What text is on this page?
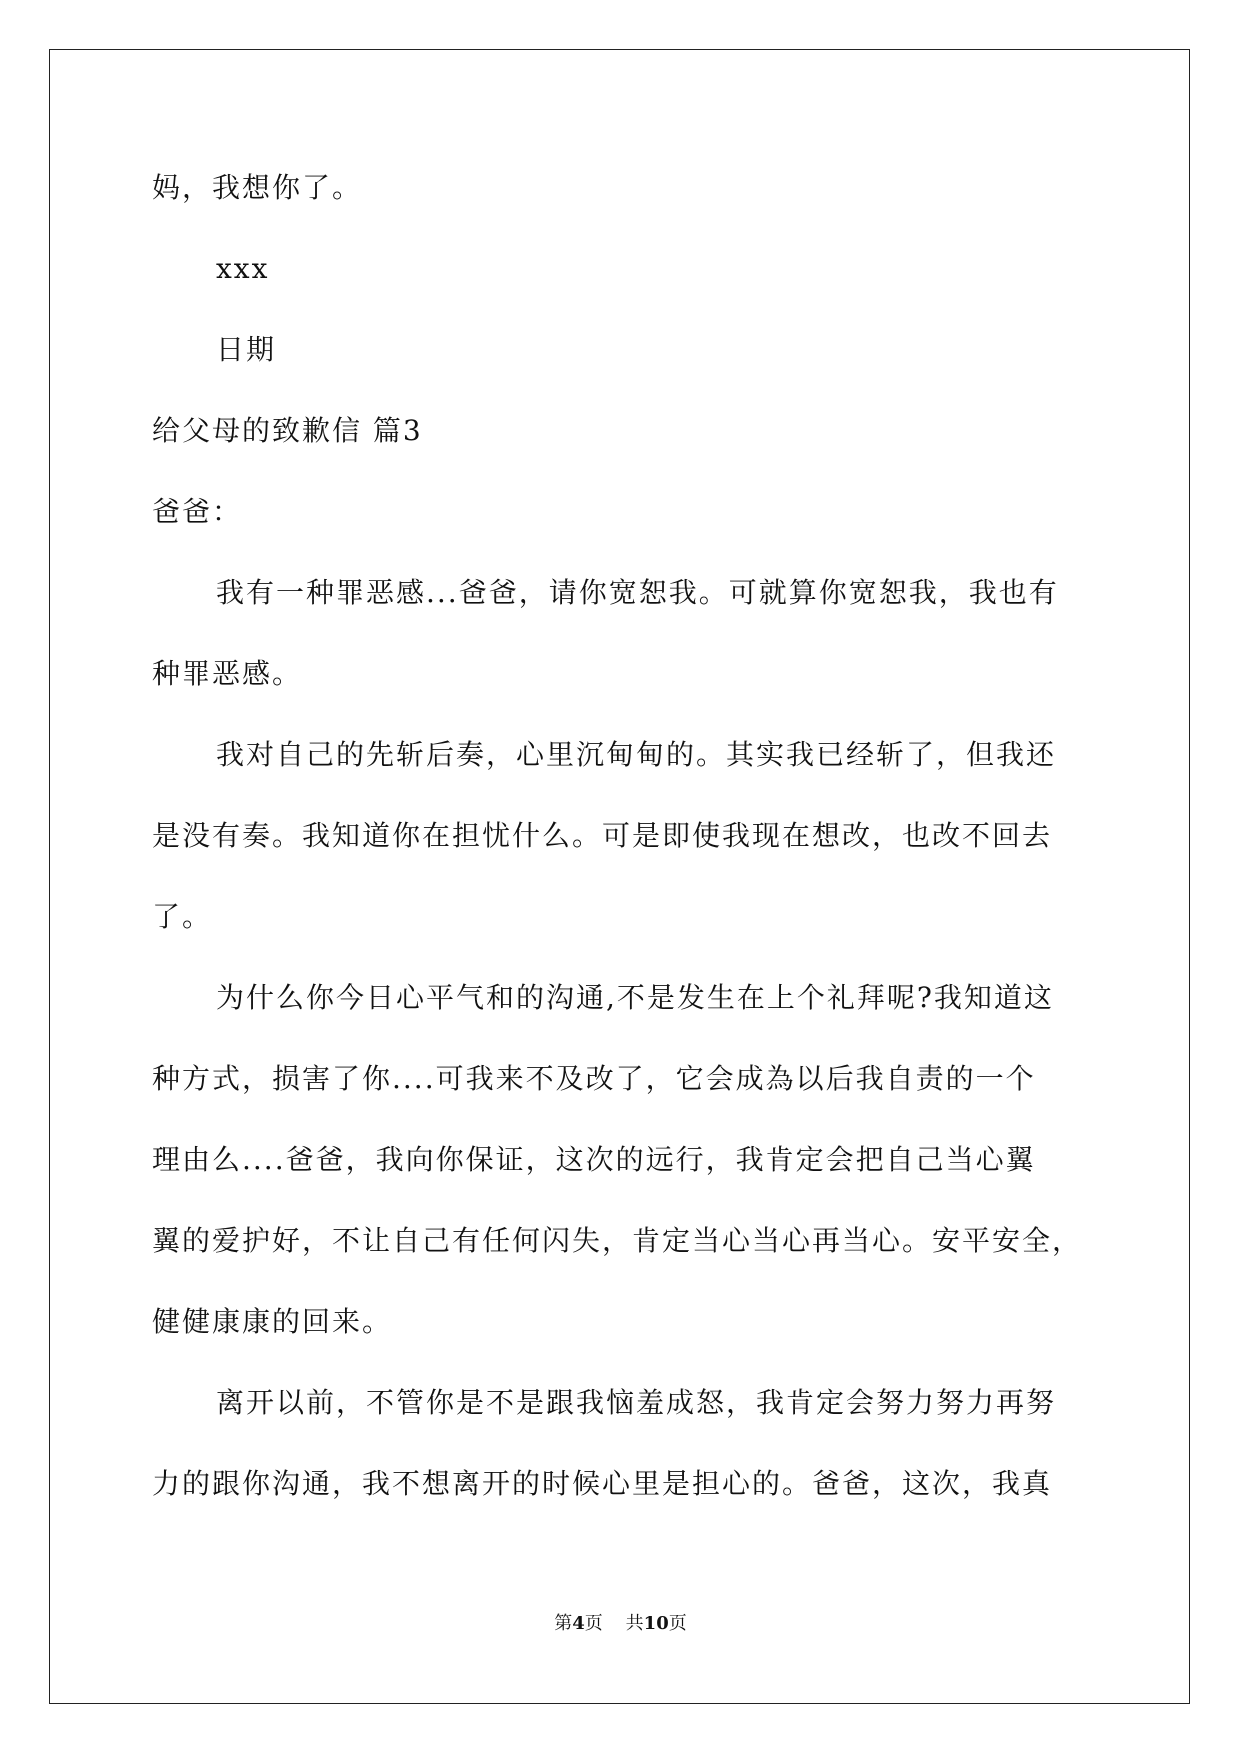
妈，我想你了。
xxx
日期
给父母的致歉信 篇3
爸爸：
我有一种罪恶感...爸爸，请你宽恕我。可就算你宽恕我，我也有
种罪恶感。
我对自己的先斩后奏，心里沉甸甸的。其实我已经斩了，但我还
是没有奏。我知道你在担忧什么。可是即使我现在想改，也改不回去
了。
为什么你今日心平气和的沟通,不是发生在上个礼拜呢?我知道这
种方式，损害了你....可我来不及改了，它会成為以后我自责的一个
理由么....爸爸，我向你保证，这次的远行，我肯定会把自己当心翼
翼的爱护好，不让自己有任何闪失，肯定当心当心再当心。安平安全，
健健康康的回来。
离开以前，不管你是不是跟我恼羞成怒，我肯定会努力努力再努
力的跟你沟通，我不想离开的时候心里是担心的。爸爸，这次，我真
第4页 共10页
